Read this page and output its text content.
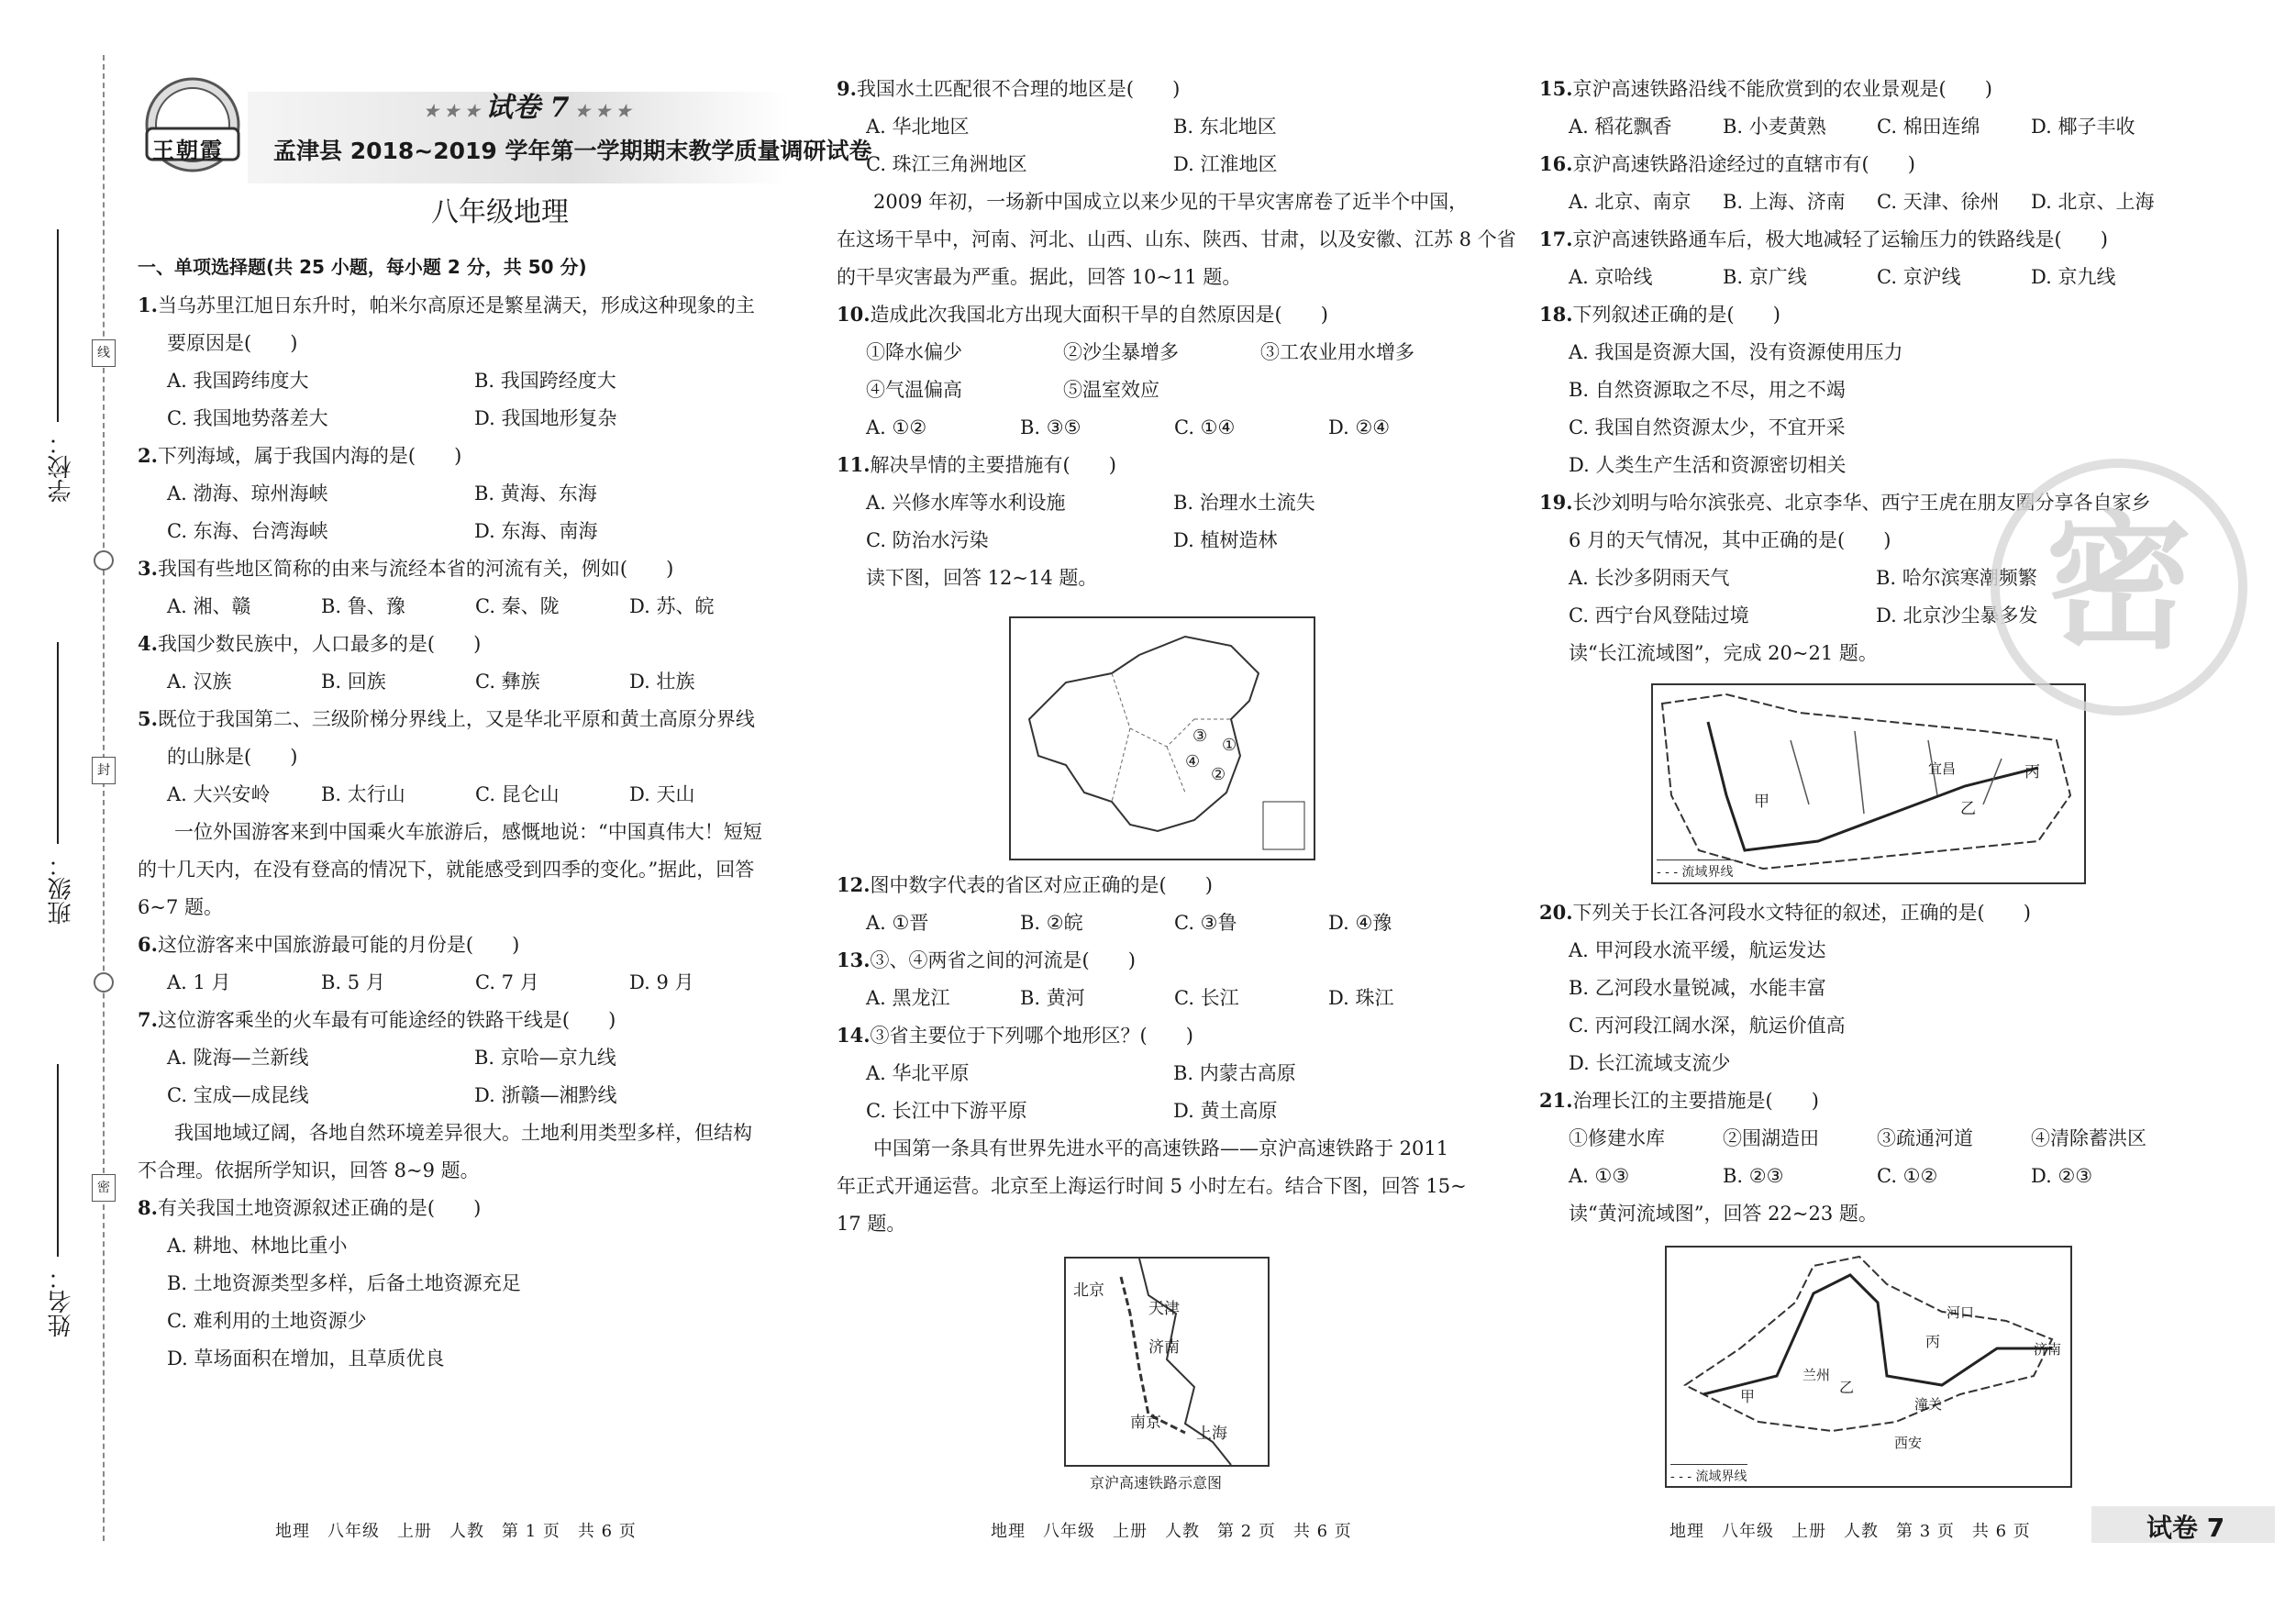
线
封
密
学校：
班级：
姓名：
王朝霞
★ ★ ★ 试卷 7 ★ ★ ★
孟津县 2018~2019 学年第一学期期末教学质量调研试卷
八年级地理
一、单项选择题(共 25 小题，每小题 2 分，共 50 分)
1.当乌苏里江旭日东升时，帕米尔高原还是繁星满天，形成这种现象的主
要原因是(　　)
A. 我国跨纬度大	B. 我国跨经度大
C. 我国地势落差大	D. 我国地形复杂
2.下列海域，属于我国内海的是(　　)
A. 渤海、琼州海峡	B. 黄海、东海
C. 东海、台湾海峡	D. 东海、南海
3.我国有些地区简称的由来与流经本省的河流有关，例如(　　)
A. 湘、赣	B. 鲁、豫	C. 秦、陇	D. 苏、皖
4.我国少数民族中，人口最多的是(　　)
A. 汉族	B. 回族	C. 彝族	D. 壮族
5.既位于我国第二、三级阶梯分界线上，又是华北平原和黄土高原分界线
的山脉是(　　)
A. 大兴安岭	B. 太行山	C. 昆仑山	D. 天山
一位外国游客来到中国乘火车旅游后，感慨地说：“中国真伟大！短短
的十几天内，在没有登高的情况下，就能感受到四季的变化。”据此，回答
6~7 题。
6.这位游客来中国旅游最可能的月份是(　　)
A. 1 月	B. 5 月	C. 7 月	D. 9 月
7.这位游客乘坐的火车最有可能途经的铁路干线是(　　)
A. 陇海—兰新线	B. 京哈—京九线
C. 宝成—成昆线	D. 浙赣—湘黔线
我国地域辽阔，各地自然环境差异很大。土地利用类型多样，但结构
不合理。依据所学知识，回答 8~9 题。
8.有关我国土地资源叙述正确的是(　　)
A. 耕地、林地比重小
B. 土地资源类型多样，后备土地资源充足
C. 难利用的土地资源少
D. 草场面积在增加，且草质优良
9.我国水土匹配很不合理的地区是(　　)
A. 华北地区	B. 东北地区
C. 珠江三角洲地区	D. 江淮地区
2009 年初，一场新中国成立以来少见的干旱灾害席卷了近半个中国，
在这场干旱中，河南、河北、山西、山东、陕西、甘肃，以及安徽、江苏 8 个省
的干旱灾害最为严重。据此，回答 10~11 题。
10.造成此次我国北方出现大面积干旱的自然原因是(　　)
①降水偏少	②沙尘暴增多	③工农业用水增多
④气温偏高	⑤温室效应
A. ①②	B. ③⑤	C. ①④	D. ②④
11.解决旱情的主要措施有(　　)
A. 兴修水库等水利设施	B. 治理水土流失
C. 防治水污染	D. 植树造林
读下图，回答 12~14 题。
12.图中数字代表的省区对应正确的是(　　)
A. ①晋	B. ②皖	C. ③鲁	D. ④豫
13.③、④两省之间的河流是(　　)
A. 黑龙江	B. 黄河	C. 长江	D. 珠江
14.③省主要位于下列哪个地形区？(　　)
A. 华北平原	B. 内蒙古高原
C. 长江中下游平原	D. 黄土高原
中国第一条具有世界先进水平的高速铁路——京沪高速铁路于 2011
年正式开通运营。北京至上海运行时间 5 小时左右。结合下图，回答 15~
17 题。
15.京沪高速铁路沿线不能欣赏到的农业景观是(　　)
A. 稻花飘香	B. 小麦黄熟	C. 棉田连绵	D. 椰子丰收
16.京沪高速铁路沿途经过的直辖市有(　　)
A. 北京、南京 B. 上海、济南 C. 天津、徐州 D. 北京、上海
17.京沪高速铁路通车后，极大地减轻了运输压力的铁路线是(　　)
A. 京哈线	B. 京广线	C. 京沪线	D. 京九线
18.下列叙述正确的是(　　)
A. 我国是资源大国，没有资源使用压力
B. 自然资源取之不尽，用之不竭
C. 我国自然资源太少，不宜开采
D. 人类生产生活和资源密切相关
19.长沙刘明与哈尔滨张亮、北京李华、西宁王虎在朋友圈分享各自家乡
6 月的天气情况，其中正确的是(　　)
A. 长沙多阴雨天气	B. 哈尔滨寒潮频繁
C. 西宁台风登陆过境	D. 北京沙尘暴多发
读“长江流域图”，完成 20~21 题。
20.下列关于长江各河段水文特征的叙述，正确的是(　　)
A. 甲河段水流平缓，航运发达
B. 乙河段水量锐减，水能丰富
C. 丙河段江阔水深，航运价值高
D. 长江流域支流少
21.治理长江的主要措施是(　　)
①修建水库	②围湖造田	③疏通河道	④清除蓄洪区
A. ①③	B. ②③	C. ①②	D. ②③
读“黄河流域图”，回答 22~23 题。
③
④
①
②
北京
天津
济南
南京
上海
京沪高速铁路示意图
甲	乙
丙
宜昌
- - - 流域界线
甲
乙
丙
兰州
西安
潼关
济南
河口
- - - 流域界线
密
地理　八年级　上册　人教　第 1 页　共 6 页	地理　八年级　上册　人教　第 2 页　共 6 页	地理　八年级　上册　人教　第 3 页　共 6 页	试卷 7
